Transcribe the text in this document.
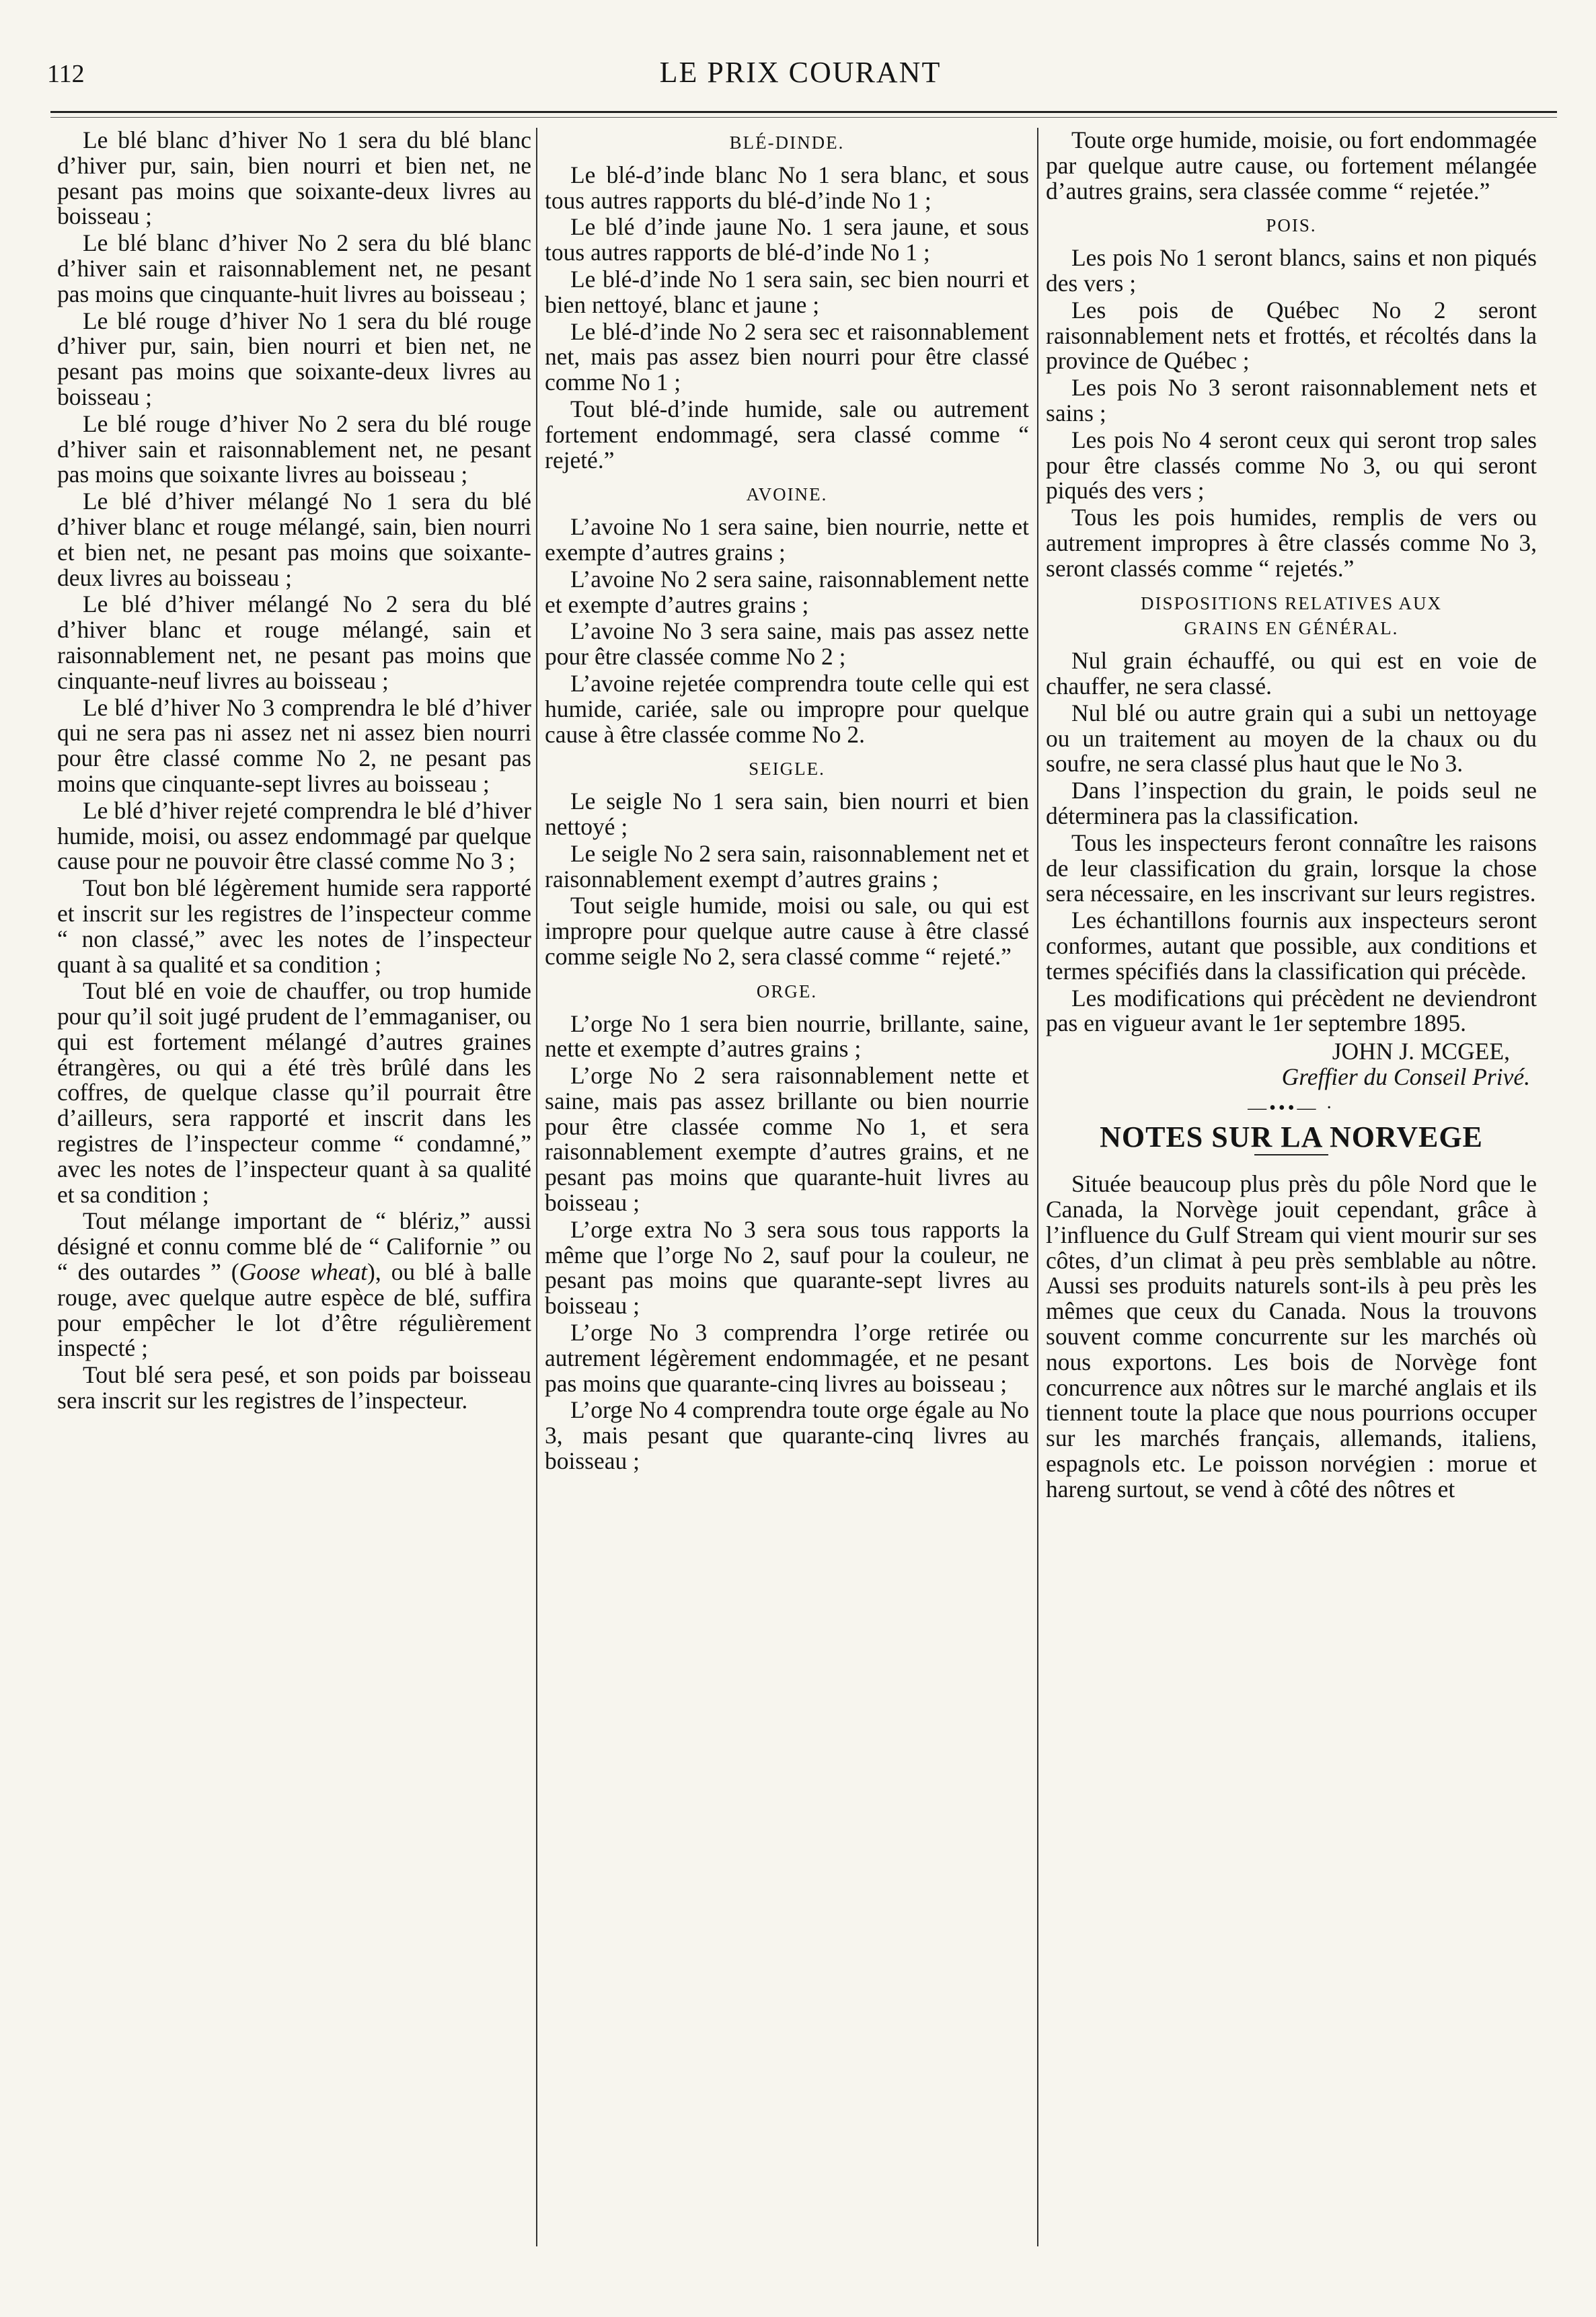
112	LE PRIX COURANT

Le blé blanc d’hiver No 1 sera du blé blanc d’hiver pur, sain, bien nourri et bien net, ne pesant pas moins que soixante-deux livres au boisseau ;

Le blé blanc d’hiver No 2 sera du blé blanc d’hiver sain et raisonnablement net, ne pesant pas moins que cinquante-huit livres au boisseau ;

Le blé rouge d’hiver No 1 sera du blé rouge d’hiver pur, sain, bien nourri et bien net, ne pesant pas moins que soixante-deux livres au boisseau ;

Le blé rouge d’hiver No 2 sera du blé rouge d’hiver sain et raisonnablement net, ne pesant pas moins que soixante livres au boisseau ;

Le blé d’hiver mélangé No 1 sera du blé d’hiver blanc et rouge mélangé, sain, bien nourri et bien net, ne pesant pas moins que soixante-deux livres au boisseau ;

Le blé d’hiver mélangé No 2 sera du blé d’hiver blanc et rouge mélangé, sain et raisonnablement net, ne pesant pas moins que cinquante-neuf livres au boisseau ;

Le blé d’hiver No 3 comprendra le blé d’hiver qui ne sera pas ni assez net ni assez bien nourri pour être classé comme No 2, ne pesant pas moins que cinquante-sept livres au boisseau ;

Le blé d’hiver rejeté comprendra le blé d’hiver humide, moisi, ou assez endommagé par quelque cause pour ne pouvoir être classé comme No 3 ;

Tout bon blé légèrement humide sera rapporté et inscrit sur les registres de l’inspecteur comme “ non classé,” avec les notes de l’inspecteur quant à sa qualité et sa condition ;

Tout blé en voie de chauffer, ou trop humide pour qu’il soit jugé prudent de l’emmaganiser, ou qui est fortement mélangé d’autres graines étrangères, ou qui a été très brûlé dans les coffres, de quelque classe qu’il pourrait être d’ailleurs, sera rapporté et inscrit dans les registres de l’inspecteur comme “ condamné,” avec les notes de l’inspecteur quant à sa qualité et sa condition ;

Tout mélange important de “ blériz,” aussi désigné et connu comme blé de “ Californie ” ou “ des outardes ” (Goose wheat), ou blé à balle rouge, avec quelque autre espèce de blé, suffira pour empêcher le lot d’être régulièrement inspecté ;

Tout blé sera pesé, et son poids par boisseau sera inscrit sur les registres de l’inspecteur.

BLÉ-DINDE.

Le blé-d’inde blanc No 1 sera blanc, et sous tous autres rapports du blé-d’inde No 1 ;

Le blé d’inde jaune No. 1 sera jaune, et sous tous autres rapports de blé-d’inde No 1 ;

Le blé-d’inde No 1 sera sain, sec bien nourri et bien nettoyé, blanc et jaune ;

Le blé-d’inde No 2 sera sec et raisonnablement net, mais pas assez bien nourri pour être classé comme No 1 ;

Tout blé-d’inde humide, sale ou autrement fortement endommagé, sera classé comme “ rejeté.”

AVOINE.

L’avoine No 1 sera saine, bien nourrie, nette et exempte d’autres grains ;

L’avoine No 2 sera saine, raisonnablement nette et exempte d’autres grains ;

L’avoine No 3 sera saine, mais pas assez nette pour être classée comme No 2 ;

L’avoine rejetée comprendra toute celle qui est humide, cariée, sale ou impropre pour quelque cause à être classée comme No 2.

SEIGLE.

Le seigle No 1 sera sain, bien nourri et bien nettoyé ;

Le seigle No 2 sera sain, raisonnablement net et raisonnablement exempt d’autres grains ;

Tout seigle humide, moisi ou sale, ou qui est impropre pour quelque autre cause à être classé comme seigle No 2, sera classé comme “ rejeté.”

ORGE.

L’orge No 1 sera bien nourrie, brillante, saine, nette et exempte d’autres grains ;

L’orge No 2 sera raisonnablement nette et saine, mais pas assez brillante ou bien nourrie pour être classée comme No 1, et sera raisonnablement exempte d’autres grains, et ne pesant pas moins que quarante-huit livres au boisseau ;

L’orge extra No 3 sera sous tous rapports la même que l’orge No 2, sauf pour la couleur, ne pesant pas moins que quarante-sept livres au boisseau ;

L’orge No 3 comprendra l’orge retirée ou autrement légèrement endommagée, et ne pesant pas moins que quarante-cinq livres au boisseau ;

L’orge No 4 comprendra toute orge égale au No 3, mais pesant que quarante-cinq livres au boisseau ;

Toute orge humide, moisie, ou fort endommagée par quelque autre cause, ou fortement mélangée d’autres grains, sera classée comme “ rejetée.”

POIS.

Les pois No 1 seront blancs, sains et non piqués des vers ;

Les pois de Québec No 2 seront raisonnablement nets et frottés, et récoltés dans la province de Québec ;

Les pois No 3 seront raisonnablement nets et sains ;

Les pois No 4 seront ceux qui seront trop sales pour être classés comme No 3, ou qui seront piqués des vers ;

Tous les pois humides, remplis de vers ou autrement impropres à être classés comme No 3, seront classés comme “ rejetés.”

DISPOSITIONS RELATIVES AUX
GRAINS EN GÉNÉRAL.

Nul grain échauffé, ou qui est en voie de chauffer, ne sera classé.

Nul blé ou autre grain qui a subi un nettoyage ou un traitement au moyen de la chaux ou du soufre, ne sera classé plus haut que le No 3.

Dans l’inspection du grain, le poids seul ne déterminera pas la classification.

Tous les inspecteurs feront connaître les raisons de leur classification du grain, lorsque la chose sera nécessaire, en les inscrivant sur leurs registres.

Les échantillons fournis aux inspecteurs seront conformes, autant que possible, aux conditions et termes spécifiés dans la classification qui précède.

Les modifications qui précèdent ne deviendront pas en vigueur avant le 1er septembre 1895.

JOHN J. MCGEE,

Greffier du Conseil Privé.

—•••— ·
NOTES SUR LA NORVEGE

Située beaucoup plus près du pôle Nord que le Canada, la Norvège jouit cependant, grâce à l’influence du Gulf Stream qui vient mourir sur ses côtes, d’un climat à peu près semblable au nôtre. Aussi ses produits naturels sont-ils à peu près les mêmes que ceux du Canada. Nous la trouvons souvent comme concurrente sur les marchés où nous exportons. Les bois de Norvège font concurrence aux nôtres sur le marché anglais et ils tiennent toute la place que nous pourrions occuper sur les marchés français, allemands, italiens, espagnols etc. Le poisson norvégien : morue et hareng surtout, se vend à côté des nôtres et
